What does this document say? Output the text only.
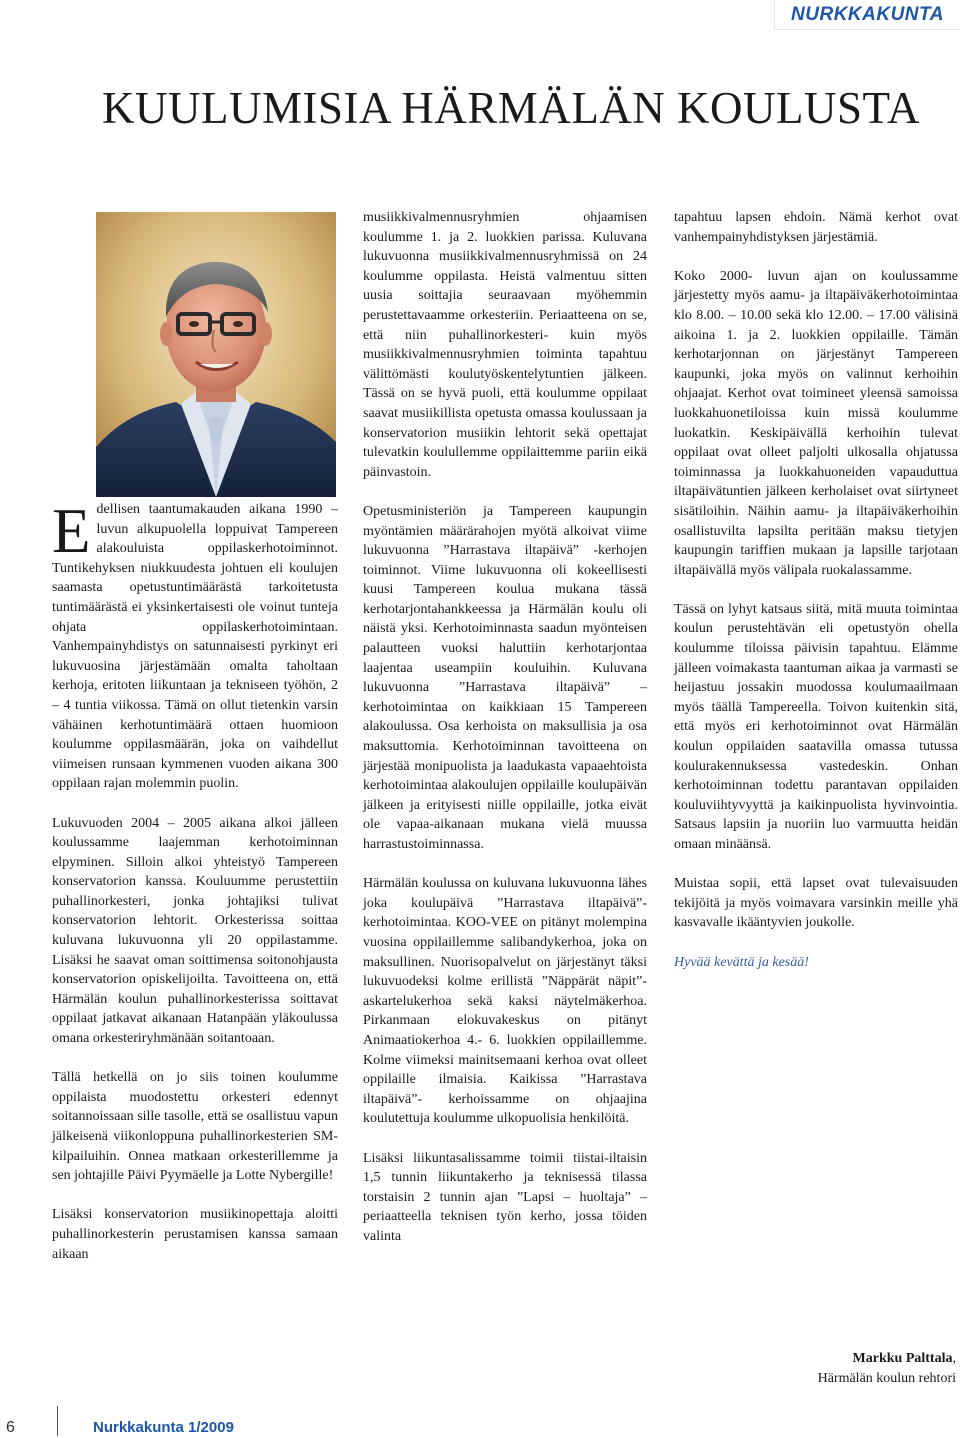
NURKKAKUNTA
KUULUMISIA HÄRMÄLÄN KOULUSTA

Edellisen taantumakauden aikana 1990 –luvun alkupuolella loppuivat Tampereen alakouluista oppilaskerhotoiminnot. Tuntikehyksen niukkuudesta johtuen eli koulujen saamasta opetustuntimäärästä tarkoitetusta tuntimäärästä ei yksinkertaisesti ole voinut tunteja ohjata oppilaskerhotoimintaan. Vanhempainyhdistys on satunnaisesti pyrkinyt eri lukuvuosina järjestämään omalta taholtaan kerhoja, eritoten liikuntaan ja tekniseen työhön, 2 – 4 tuntia viikossa. Tämä on ollut tietenkin varsin vähäinen kerhotuntimäärä ottaen huomioon koulumme oppilasmäärän, joka on vaihdellut viimeisen runsaan kymmenen vuoden aikana 300 oppilaan rajan molemmin puolin.

Lukuvuoden 2004 – 2005 aikana alkoi jälleen koulussamme laajemman kerhotoiminnan elpyminen. Silloin alkoi yhteistyö Tampereen konservatorion kanssa. Kouluumme perustettiin puhallinorkesteri, jonka johtajiksi tulivat konservatorion lehtorit. Orkesterissa soittaa kuluvana lukuvuonna yli 20 oppilastamme. Lisäksi he saavat oman soittimensa soitonohjausta konservatorion opiskelijoilta. Tavoitteena on, että Härmälän koulun puhallinorkesterissa soittavat oppilaat jatkavat aikanaan Hatanpään yläkoulussa omana orkesteriryhmänään soitantoaan.

Tällä hetkellä on jo siis toinen koulumme oppilaista muodostettu orkesteri edennyt soitannoissaan sille tasolle, että se osallistuu vapun jälkeisenä viikonloppuna puhallinorkesterien SM-kilpailuihin. Onnea matkaan orkesterillemme ja sen johtajille Päivi Pyymäelle ja Lotte Nybergille!

Lisäksi konservatorion musiikinopettaja aloitti puhallinorkesterin perustamisen kanssa samaan aikaan

musiikkivalmennusryhmien ohjaamisen koulumme 1. ja 2. luokkien parissa. Kuluvana lukuvuonna musiikkivalmennusryhmissä on 24 koulumme oppilasta. Heistä valmentuu sitten uusia soittajia seuraavaan myöhemmin perustettavaamme orkesteriin. Periaatteena on se, että niin puhallinorkesteri- kuin myös musiikkivalmennusryhmien toiminta tapahtuu välittömästi koulutyöskentelytuntien jälkeen. Tässä on se hyvä puoli, että koulumme oppilaat saavat musiikillista opetusta omassa koulussaan ja konservatorion musiikin lehtorit sekä opettajat tulevatkin koulullemme oppilaittemme pariin eikä päinvastoin.

Opetusministeriön ja Tampereen kaupungin myöntämien määrärahojen myötä alkoivat viime lukuvuonna ”Harrastava iltapäivä” -kerhojen toiminnot. Viime lukuvuonna oli kokeellisesti kuusi Tampereen koulua mukana tässä kerhotarjontahankkeessa ja Härmälän koulu oli näistä yksi. Kerhotoiminnasta saadun myönteisen palautteen vuoksi haluttiin kerhotarjontaa laajentaa useampiin kouluihin. Kuluvana lukuvuonna ”Harrastava iltapäivä” –kerhotoimintaa on kaikkiaan 15 Tampereen alakoulussa. Osa kerhoista on maksullisia ja osa maksuttomia. Kerhotoiminnan tavoitteena on järjestää monipuolista ja laadukasta vapaaehtoista kerhotoimintaa alakoulujen oppilaille koulupäivän jälkeen ja erityisesti niille oppilaille, jotka eivät ole vapaa-aikanaan mukana vielä muussa harrastustoiminnassa.

Härmälän koulussa on kuluvana lukuvuonna lähes joka koulupäivä ”Harrastava iltapäivä”-kerhotoimintaa. KOO-VEE on pitänyt molempina vuosina oppilaillemme salibandykerhoa, joka on maksullinen. Nuorisopalvelut on järjestänyt täksi lukuvuodeksi kolme erillistä ”Näppärät näpit”- askartelukerhoa sekä kaksi näytelmäkerhoa. Pirkanmaan elokuvakeskus on pitänyt Animaatiokerhoa 4.- 6. luokkien oppilaillemme. Kolme viimeksi mainitsemaani kerhoa ovat olleet oppilaille ilmaisia. Kaikissa ”Harrastava iltapäivä”- kerhoissamme on ohjaajina koulutettuja koulumme ulkopuolisia henkilöitä.

Lisäksi liikuntasalissamme toimii tiistai-iltaisin 1,5 tunnin liikuntakerho ja teknisessä tilassa torstaisin 2 tunnin ajan ”Lapsi – huoltaja” –periaatteella teknisen työn kerho, jossa töiden valinta

tapahtuu lapsen ehdoin. Nämä kerhot ovat vanhempainyhdistyksen järjestämiä.

Koko 2000- luvun ajan on koulussamme järjestetty myös aamu- ja iltapäiväkerhotoimintaa klo 8.00. – 10.00 sekä klo 12.00. – 17.00 välisinä aikoina 1. ja 2. luokkien oppilaille. Tämän kerhotarjonnan on järjestänyt Tampereen kaupunki, joka myös on valinnut kerhoihin ohjaajat. Kerhot ovat toimineet yleensä samoissa luokkahuonetiloissa kuin missä koulumme luokatkin. Keskipäivällä kerhoihin tulevat oppilaat ovat olleet paljolti ulkosalla ohjatussa toiminnassa ja luokkahuoneiden vapauduttua iltapäivätuntien jälkeen kerholaiset ovat siirtyneet sisätiloihin. Näihin aamu- ja iltapäiväkerhoihin osallistuvilta lapsilta peritään maksu tietyjen kaupungin tariffien mukaan ja lapsille tarjotaan iltapäivällä myös välipala ruokalassamme.

Tässä on lyhyt katsaus siitä, mitä muuta toimintaa koulun perustehtävän eli opetustyön ohella koulumme tiloissa päivisin tapahtuu. Elämme jälleen voimakasta taantuman aikaa ja varmasti se heijastuu jossakin muodossa koulumaailmaan myös täällä Tampereella. Toivon kuitenkin sitä, että myös eri kerhotoiminnot ovat Härmälän koulun oppilaiden saatavilla omassa tutussa koulurakennuksessa vastedeskin. Onhan kerhotoiminnan todettu parantavan oppilaiden kouluviihtyvyyttä ja kaikinpuolista hyvinvointia. Satsaus lapsiin ja nuoriin luo varmuutta heidän omaan minäänsä.

Muistaa sopii, että lapset ovat tulevaisuuden tekijöitä ja myös voimavara varsinkin meille yhä kasvavalle ikääntyvien joukolle.

Hyvää kevättä ja kesää!

Markku Palttala,
Härmälän koulun rehtori
6	Nurkkakunta 1/2009
